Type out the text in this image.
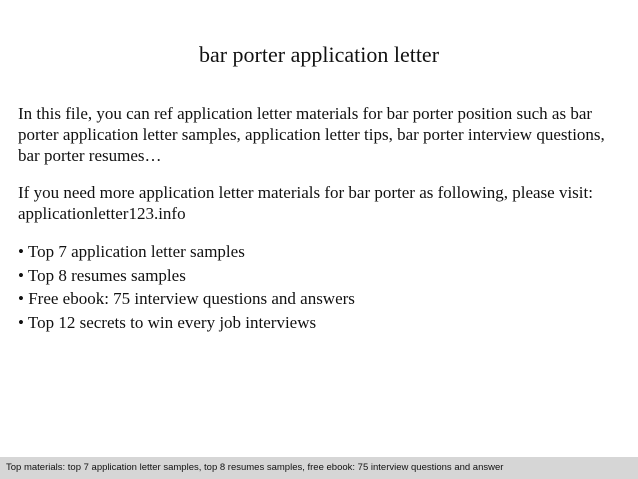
bar porter application letter
In this file, you can ref application letter materials for bar porter position such as bar porter application letter samples, application letter tips, bar porter interview questions, bar porter resumes…
If you need more application letter materials for bar porter as following, please visit: applicationletter123.info
• Top 7 application letter samples
• Top 8 resumes samples
• Free ebook: 75 interview questions and answers
• Top 12 secrets to win every job interviews
Top materials: top 7 application letter samples, top 8 resumes samples, free ebook: 75 interview questions and answer
